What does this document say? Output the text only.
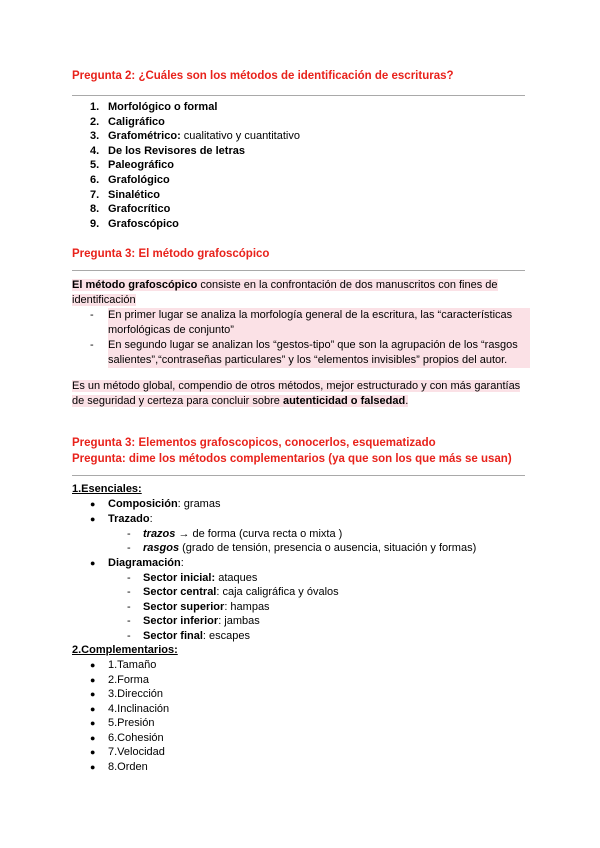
Pregunta 2: ¿Cuáles son los métodos de identificación de escrituras?
1. Morfológico o formal
2. Caligráfico
3. Grafométrico: cualitativo y cuantitativo
4. De los Revisores de letras
5. Paleográfico
6. Grafológico
7. Sinalético
8. Grafocrítico
9. Grafoscópico
Pregunta 3: El método grafoscópico
El método grafoscópico consiste en la confrontación de dos manuscritos con fines de identificación
- En primer lugar se analiza la morfología general de la escritura, las “características morfológicas de conjunto”
- En segundo lugar se analizan los “gestos-tipo” que son la agrupación de los “rasgos salientes”,“contraseñas particulares” y los “elementos invisibles” propios del autor.
Es un método global, compendio de otros métodos, mejor estructurado y con más garantías de seguridad y certeza para concluir sobre autenticidad o falsedad.
Pregunta 3: Elementos grafoscopicos, conocerlos, esquematizado
Pregunta: dime los métodos complementarios (ya que son los que más se usan)
1.Esenciales:
● Composición: gramas
● Trazado:
- trazos → de forma (curva recta o mixta )
- rasgos (grado de tensión, presencia o ausencia, situación y formas)
● Diagramación:
- Sector inicial: ataques
- Sector central: caja caligráfica y óvalos
- Sector superior: hampas
- Sector inferior: jambas
- Sector final: escapes
2.Complementarios:
● 1.Tamaño
● 2.Forma
● 3.Dirección
● 4.Inclinación
● 5.Presión
● 6.Cohesión
● 7.Velocidad
● 8.Orden
